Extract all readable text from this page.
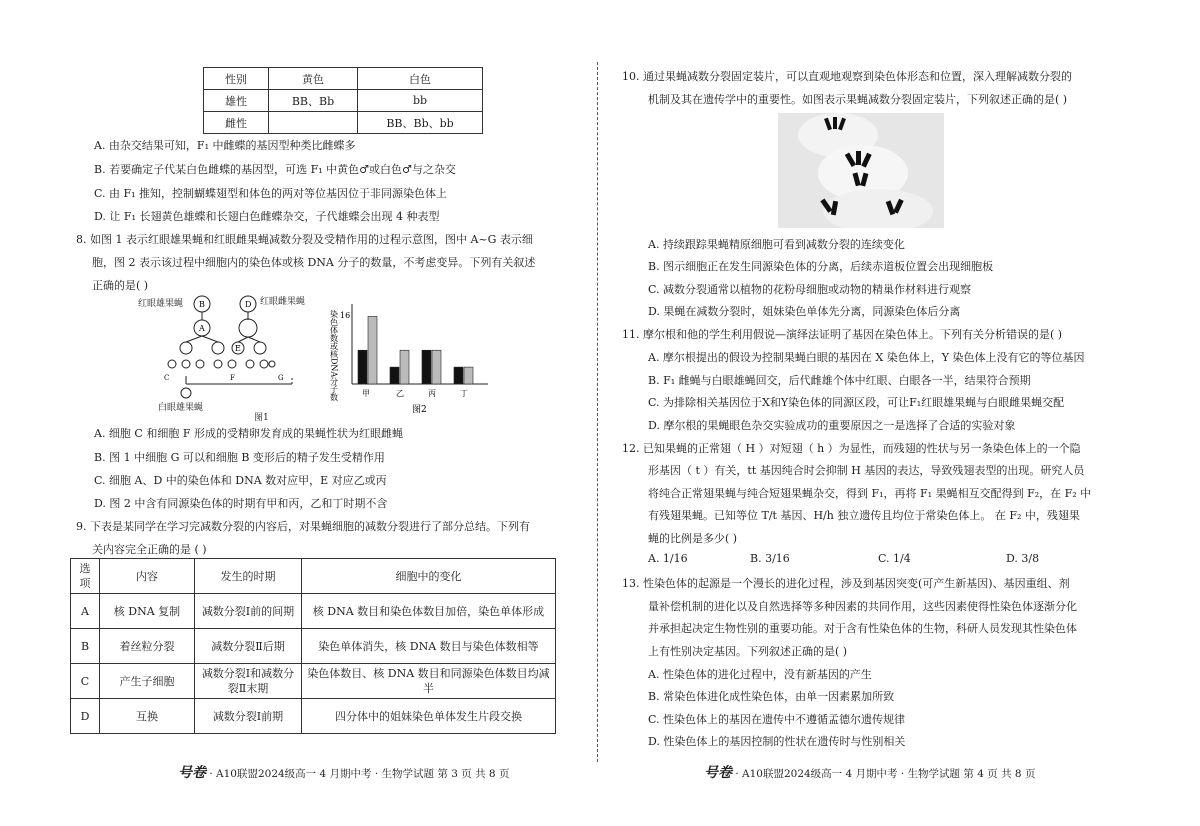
性别	黄色	白色
雄性	BB、Bb	bb
雌性		BB、Bb、bb
A. 由杂交结果可知，F₁ 中雌蝶的基因型种类比雌蝶多
B. 若要确定子代某白色雌蝶的基因型，可选 F₁ 中黄色♂或白色♂与之杂交
C. 由 F₁ 推知，控制蝴蝶翅型和体色的两对等位基因位于非同源染色体上
D. 让 F₁ 长翅黄色雄蝶和长翅白色雌蝶杂交，子代雄蝶会出现 4 种表型
8. 如图 1 表示红眼雄果蝇和红眼雌果蝇减数分裂及受精作用的过程示意图，图中 A~G 表示细
胞，图 2 表示该过程中细胞内的染色体或核 DNA 分子的数量，不考虑变异。下列有关叙述
正确的是( )
红眼雄果蝇	红眼雌果蝇
B	D
A
E
C	F	G
白眼雄果蝇
图1
染色体数或核DNA分子数 16
甲	乙	丙	丁
图2
A. 细胞 C 和细胞 F 形成的受精卵发育成的果蝇性状为红眼雌蝇
B. 图 1 中细胞 G 可以和细胞 B 变形后的精子发生受精作用
C. 细胞 A、D 中的染色体和 DNA 数对应甲，E 对应乙或丙
D. 图 2 中含有同源染色体的时期有甲和丙，乙和丁时期不含
9. 下表是某同学在学习完减数分裂的内容后，对果蝇细胞的减数分裂进行了部分总结。下列有
关内容完全正确的是 ( )
选项	内容	发生的时期	细胞中的变化
A	核 DNA 复制	减数分裂Ⅰ前的间期	核 DNA 数目和染色体数目加倍，染色单体形成
B	着丝粒分裂	减数分裂Ⅱ后期	染色单体消失，核 DNA 数目与染色体数相等
C	产生子细胞	减数分裂Ⅰ和减数分裂Ⅱ末期	染色体数目、核 DNA 数目和同源染色体数目均减半
D	互换	减数分裂Ⅰ前期	四分体中的姐妹染色单体发生片段交换
号卷 · A10联盟2024级高一 4 月期中考 · 生物学试题 第 3 页 共 8 页
10. 通过果蝇减数分裂固定装片，可以直观地观察到染色体形态和位置，深入理解减数分裂的
机制及其在遗传学中的重要性。如图表示果蝇减数分裂固定装片，下列叙述正确的是( )
A. 持续跟踪果蝇精原细胞可看到减数分裂的连续变化
B. 图示细胞正在发生同源染色体的分离，后续赤道板位置会出现细胞板
C. 减数分裂通常以植物的花粉母细胞或动物的精巢作材料进行观察
D. 果蝇在减数分裂时，姐妹染色单体先分离，同源染色体后分离
11. 摩尔根和他的学生利用假说—演绎法证明了基因在染色体上。下列有关分析错误的是( )
A. 摩尔根提出的假设为控制果蝇白眼的基因在 X 染色体上，Y 染色体上没有它的等位基因
B. F₁ 雌蝇与白眼雄蝇回交，后代雌雄个体中红眼、白眼各一半，结果符合预期
C. 为排除相关基因位于X和Y染色体的同源区段，可让F₁红眼雄果蝇与白眼雌果蝇交配
D. 摩尔根的果蝇眼色杂交实验成功的重要原因之一是选择了合适的实验对象
12. 已知果蝇的正常翅（ H ）对短翅（ h ）为显性，而残翅的性状与另一条染色体上的一个隐
形基因（ t ）有关，tt 基因纯合时会抑制 H 基因的表达，导致残翅表型的出现。研究人员
将纯合正常翅果蝇与纯合短翅果蝇杂交，得到 F₁，再将 F₁ 果蝇相互交配得到 F₂，在 F₂ 中
有残翅果蝇。已知等位 T/t 基因、H/h 独立遗传且均位于常染色体上。 在 F₂ 中，残翅果
蝇的比例是多少( )
A. 1/16	B. 3/16	C. 1/4	D. 3/8
13. 性染色体的起源是一个漫长的进化过程，涉及到基因突变(可产生新基因)、基因重组、剂
量补偿机制的进化以及自然选择等多种因素的共同作用，这些因素使得性染色体逐渐分化
并承担起决定生物性别的重要功能。对于含有性染色体的生物，科研人员发现其性染色体
上有性别决定基因。下列叙述正确的是( )
A. 性染色体的进化过程中，没有新基因的产生
B. 常染色体进化成性染色体，由单一因素累加所致
C. 性染色体上的基因在遗传中不遵循孟德尔遗传规律
D. 性染色体上的基因控制的性状在遗传时与性别相关
号卷 · A10联盟2024级高一 4 月期中考 · 生物学试题 第 4 页 共 8 页
